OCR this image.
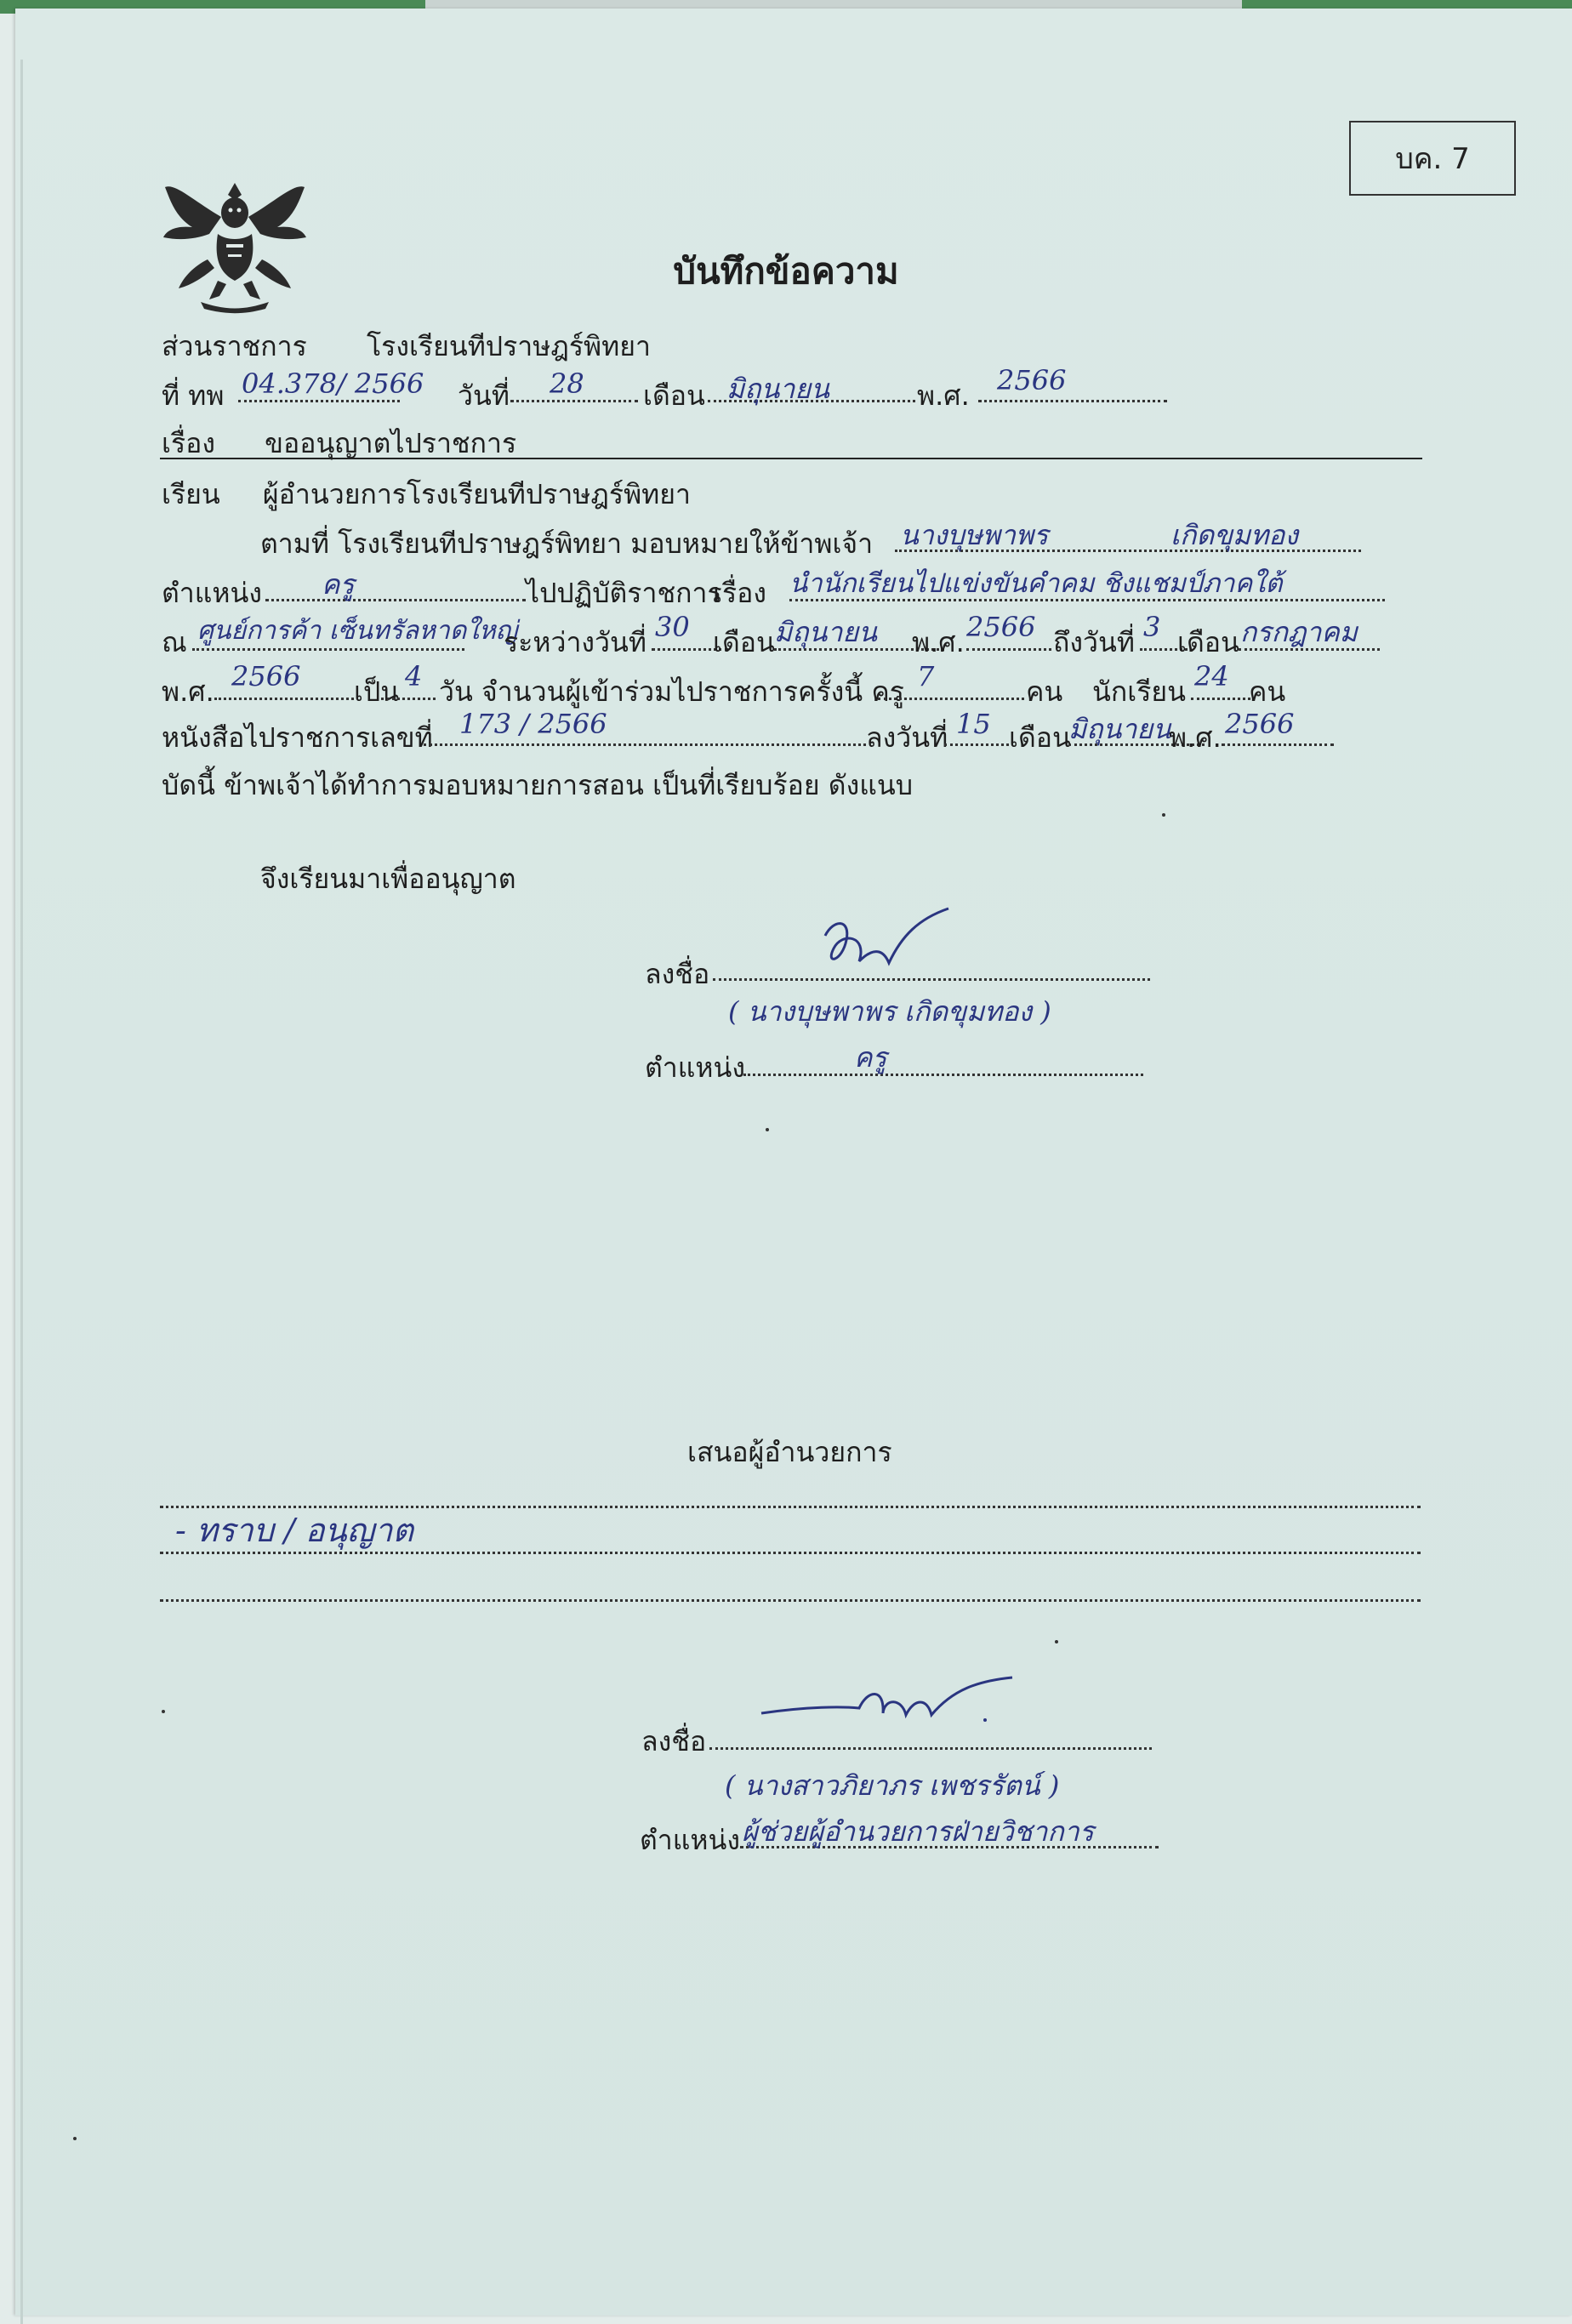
บค. 7
บันทึกข้อความ
ส่วนราชการ โรงเรียนทีปราษฎร์พิทยา
ที่ ทพ 04.378/ 2566 วันที่ 28 เดือน มิถุนายน	พ.ศ. 2566
เรื่อง ขออนุญาตไปราชการ
เรียน ผู้อำนวยการโรงเรียนทีปราษฎร์พิทยา
ตามที่ โรงเรียนทีปราษฎร์พิทยา มอบหมายให้ข้าพเจ้า นางบุษพาพร	เกิดขุมทอง
ตำแหน่ง ครู	ไปปฏิบัติราชการ
เรื่อง นำนักเรียนไปแข่งขันคำคม ชิงแชมป์ภาคใต้
ณ ศูนย์การค้า เซ็นทรัลหาดใหญ่
ระหว่างวันที่ 30 เดือน มิถุนายน พ.ศ. 2566 ถึงวันที่ 3 เดือน กรกฎาคม
พ.ศ. 2566 เป็น 4 วัน จำนวนผู้เข้าร่วมไปราชการครั้งนี้ ครู 7	คน นักเรียน 24 คน
หนังสือไปราชการเลขที่ 173 / 2566	ลงวันที่ 15 เดือน
มิถุนายน
พ.ศ. 2566
บัดนี้ ข้าพเจ้าได้ทำการมอบหมายการสอน เป็นที่เรียบร้อย ดังแนบ
จึงเรียนมาเพื่ออนุญาต
ลงชื่อ
( นางบุษพาพร เกิดขุมทอง )
ตำแหน่ง	ครู
เสนอผู้อำนวยการ
- ทราบ / อนุญาต
ลงชื่อ
( นางสาวภิยาภร เพชรรัตน์ )
ตำแหน่ง ผู้ช่วยผู้อำนวยการฝ่ายวิชาการ
